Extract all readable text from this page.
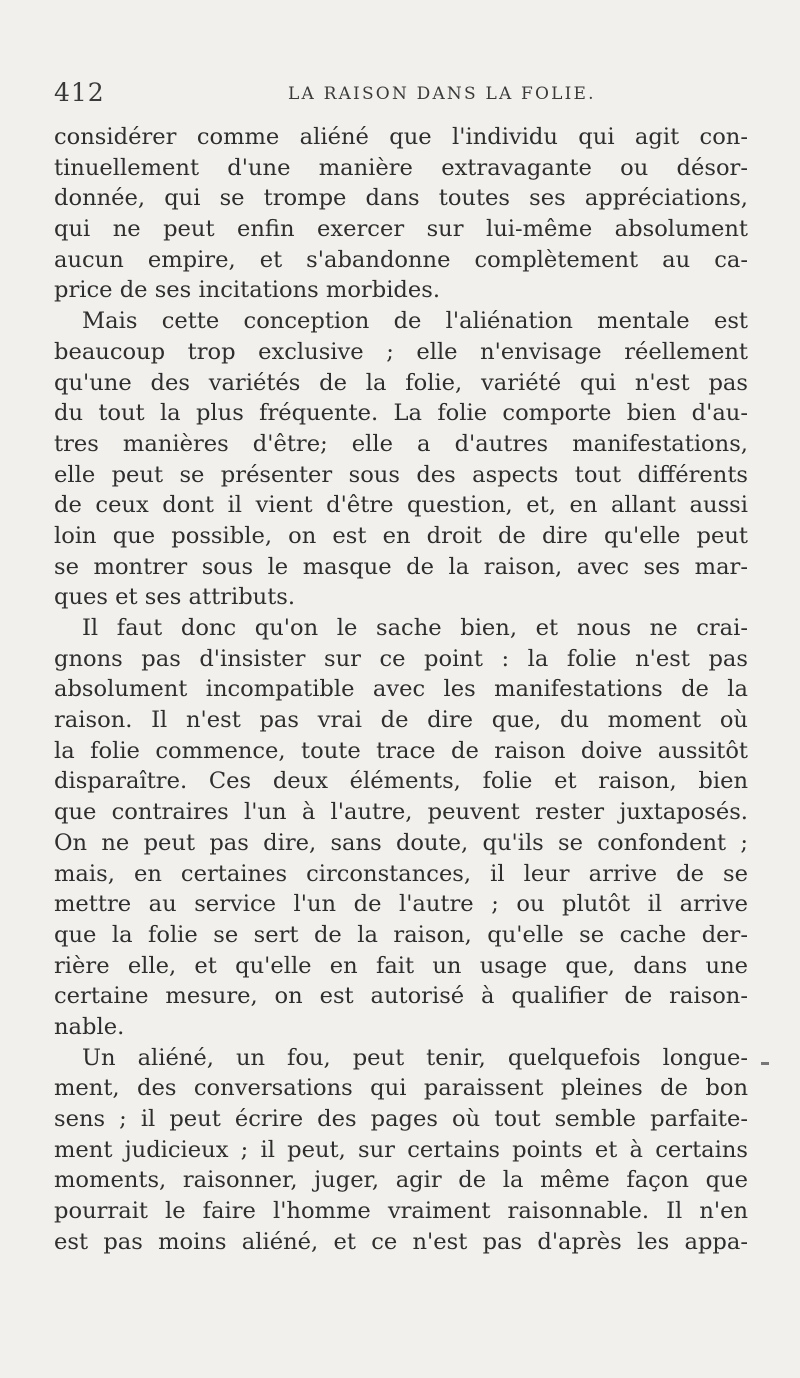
412	LA RAISON DANS LA FOLIE.
considérer comme aliéné que l'individu qui agit con-
tinuellement d'une manière extravagante ou désor-
donnée, qui se trompe dans toutes ses appréciations,
qui ne peut enfin exercer sur lui-même absolument
aucun empire, et s'abandonne complètement au ca-
price de ses incitations morbides.
Mais cette conception de l'aliénation mentale est
beaucoup trop exclusive ; elle n'envisage réellement
qu'une des variétés de la folie, variété qui n'est pas
du tout la plus fréquente. La folie comporte bien d'au-
tres manières d'être; elle a d'autres manifestations,
elle peut se présenter sous des aspects tout différents
de ceux dont il vient d'être question, et, en allant aussi
loin que possible, on est en droit de dire qu'elle peut
se montrer sous le masque de la raison, avec ses mar-
ques et ses attributs.
Il faut donc qu'on le sache bien, et nous ne crai-
gnons pas d'insister sur ce point : la folie n'est pas
absolument incompatible avec les manifestations de la
raison. Il n'est pas vrai de dire que, du moment où
la folie commence, toute trace de raison doive aussitôt
disparaître. Ces deux éléments, folie et raison, bien
que contraires l'un à l'autre, peuvent rester juxtaposés.
On ne peut pas dire, sans doute, qu'ils se confondent ;
mais, en certaines circonstances, il leur arrive de se
mettre au service l'un de l'autre ; ou plutôt il arrive
que la folie se sert de la raison, qu'elle se cache der-
rière elle, et qu'elle en fait un usage que, dans une
certaine mesure, on est autorisé à qualifier de raison-
nable.
Un aliéné, un fou, peut tenir, quelquefois longue-
ment, des conversations qui paraissent pleines de bon
sens ; il peut écrire des pages où tout semble parfaite-
ment judicieux ; il peut, sur certains points et à certains
moments, raisonner, juger, agir de la même façon que
pourrait le faire l'homme vraiment raisonnable. Il n'en
est pas moins aliéné, et ce n'est pas d'après les appa-
